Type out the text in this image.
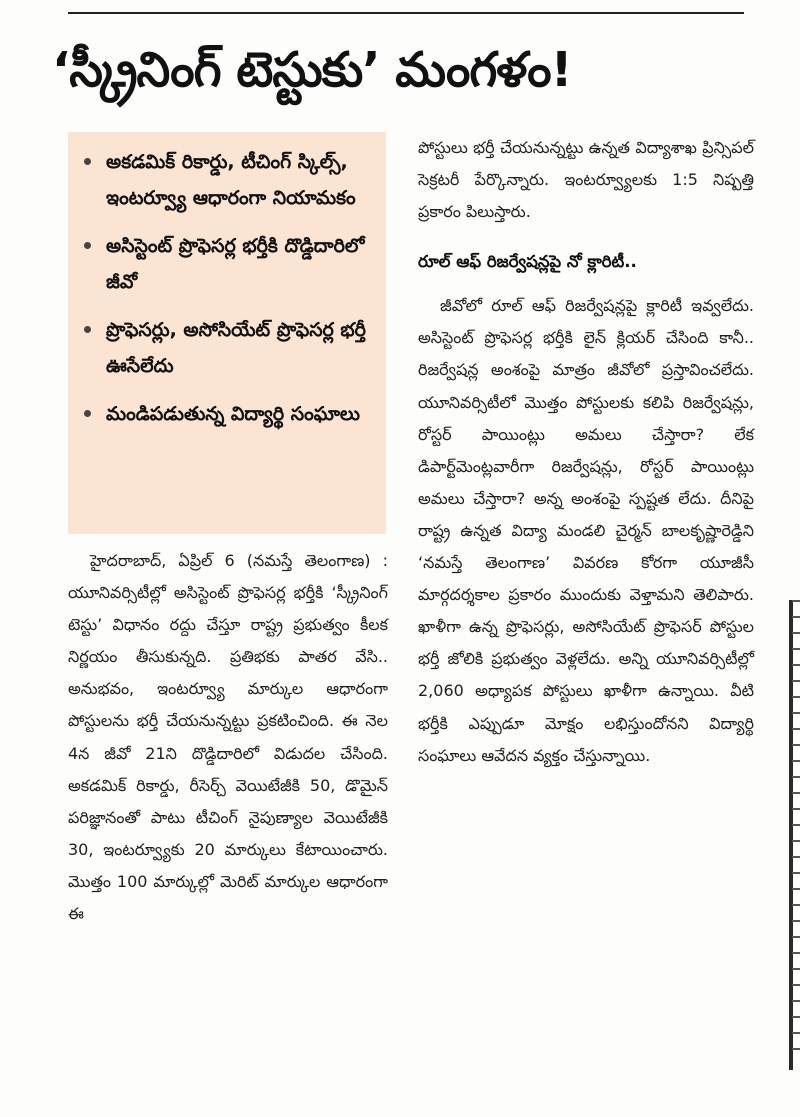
‘స్క్రీనింగ్ టెస్టుకు’ మంగళం!
అకడమిక్ రికార్డు, టీచింగ్ స్కిల్స్, ఇంటర్వ్యూ ఆధారంగా నియామకం
అసిస్టెంట్ ప్రొఫెసర్ల భర్తీకి దొడ్డిదారిలో జీవో
ప్రొఫెసర్లు, అసోసియేట్ ప్రొఫెసర్ల భర్తీ ఊసేలేదు
మండిపడుతున్న విద్యార్థి సంఘాలు

హైదరాబాద్, ఏప్రిల్ 6 (నమస్తే తెలంగాణ) : యూనివర్సిటీల్లో అసిస్టెంట్ ప్రొఫెసర్ల భర్తీకి ‘స్క్రీనింగ్ టెస్టు’ విధానం రద్దు చేస్తూ రాష్ట్ర ప్రభుత్వం కీలక నిర్ణయం తీసుకున్నది. ప్రతిభకు పాతర వేసి.. అనుభవం, ఇంటర్వ్యూ మార్కుల ఆధారంగా పోస్టులను భర్తీ చేయనున్నట్టు ప్రకటించింది. ఈ నెల 4న జీవో 21ని దొడ్డిదారిలో విడుదల చేసింది. అకడమిక్ రికార్డు, రీసెర్చ్ వెయిటేజీకి 50, డొమైన్ పరిజ్ఞానంతో పాటు టీచింగ్ నైపుణ్యాల వెయిటేజీకి 30, ఇంటర్వ్యూకు 20 మార్కులు కేటాయించారు. మొత్తం 100 మార్కుల్లో మెరిట్ మార్కుల ఆధారంగా ఈ

పోస్టులు భర్తీ చేయనున్నట్టు ఉన్నత విద్యాశాఖ ప్రిన్సిపల్ సెక్రటరీ పేర్కొన్నారు. ఇంటర్వ్యూలకు 1:5 నిష్పత్తి ప్రకారం పిలుస్తారు.

రూల్ ఆఫ్ రిజర్వేషన్లపై నో క్లారిటీ..

జీవోలో రూల్ ఆఫ్ రిజర్వేషన్లపై క్లారిటీ ఇవ్వలేదు. అసిస్టెంట్ ప్రొఫెసర్ల భర్తీకి లైన్ క్లియర్ చేసింది కానీ.. రిజర్వేషన్ల అంశంపై మాత్రం జీవోలో ప్రస్తావించలేదు. యూనివర్సిటీలో మొత్తం పోస్టులకు కలిపి రిజర్వేషన్లు, రోస్టర్ పాయింట్లు అమలు చేస్తారా? లేక డిపార్ట్‌మెంట్లవారీగా రిజర్వేషన్లు, రోస్టర్ పాయింట్లు అమలు చేస్తారా? అన్న అంశంపై స్పష్టత లేదు. దీనిపై రాష్ట్ర ఉన్నత విద్యా మండలి చైర్మన్ బాలకృష్ణారెడ్డిని ‘నమస్తే తెలంగాణ’ వివరణ కోరగా యూజీసీ మార్గదర్శకాల ప్రకారం ముందుకు వెళ్తామని తెలిపారు. ఖాళీగా ఉన్న ప్రొఫెసర్లు, అసోసియేట్ ప్రొఫెసర్ పోస్టుల భర్తీ జోలికి ప్రభుత్వం వెళ్లలేదు. అన్ని యూనివర్సిటీల్లో 2,060 అధ్యాపక పోస్టులు ఖాళీగా ఉన్నాయి. వీటి భర్తీకి ఎప్పుడూ మోక్షం లభిస్తుందోనని విద్యార్థి సంఘాలు ఆవేదన వ్యక్తం చేస్తున్నాయి.
